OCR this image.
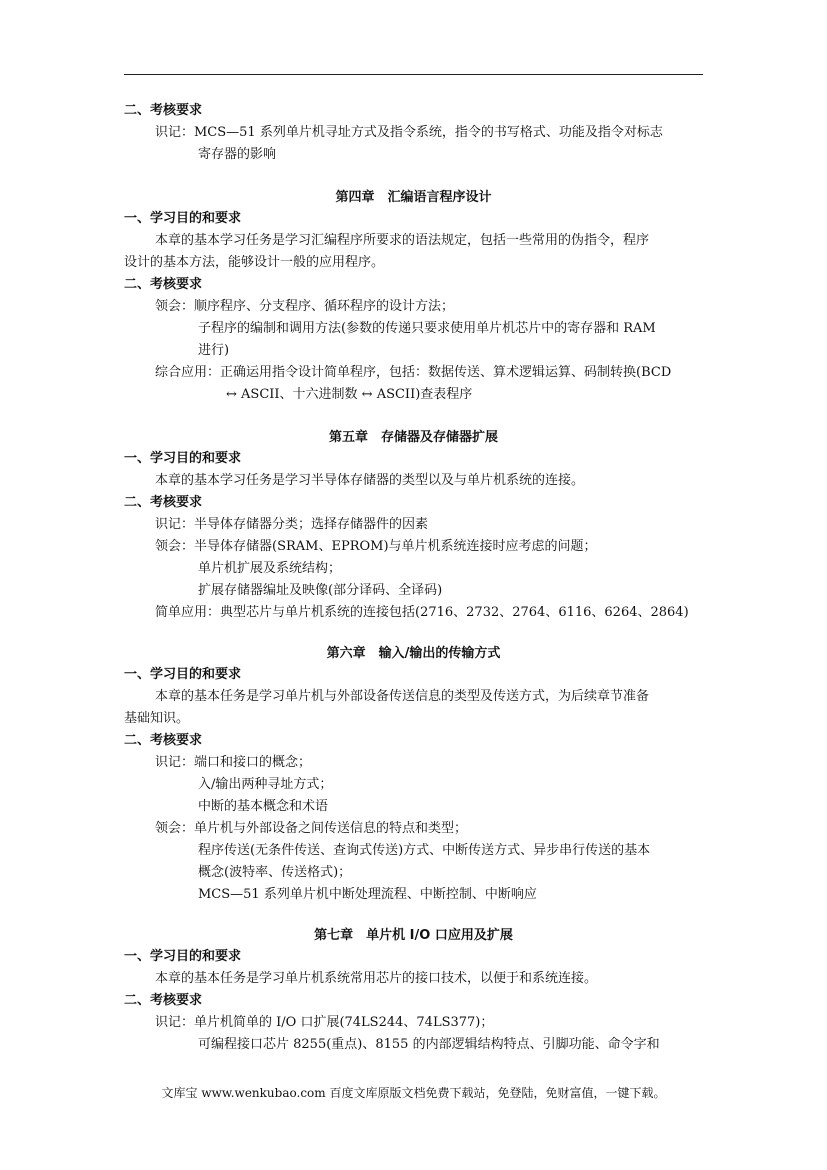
二、考核要求
识记：MCS—51 系列单片机寻址方式及指令系统，指令的书写格式、功能及指令对标志
寄存器的影响
第四章　汇编语言程序设计
一、学习目的和要求
本章的基本学习任务是学习汇编程序所要求的语法规定，包括一些常用的伪指令，程序
设计的基本方法，能够设计一般的应用程序。
二、考核要求
领会：顺序程序、分支程序、循环程序的设计方法；
子程序的编制和调用方法(参数的传递只要求使用单片机芯片中的寄存器和 RAM
进行)
综合应用：正确运用指令设计简单程序，包括：数据传送、算术逻辑运算、码制转换(BCD
↔ ASCII、十六进制数 ↔ ASCII)查表程序
第五章　存储器及存储器扩展
一、学习目的和要求
本章的基本学习任务是学习半导体存储器的类型以及与单片机系统的连接。
二、考核要求
识记：半导体存储器分类；选择存储器件的因素
领会：半导体存储器(SRAM、EPROM)与单片机系统连接时应考虑的问题；
单片机扩展及系统结构；
扩展存储器编址及映像(部分译码、全译码)
简单应用：典型芯片与单片机系统的连接包括(2716、2732、2764、6116、6264、2864)
第六章　输入/输出的传输方式
一、学习目的和要求
本章的基本任务是学习单片机与外部设备传送信息的类型及传送方式，为后续章节准备
基础知识。
二、考核要求
识记：端口和接口的概念；
入/输出两种寻址方式；
中断的基本概念和术语
领会：单片机与外部设备之间传送信息的特点和类型；
程序传送(无条件传送、查询式传送)方式、中断传送方式、异步串行传送的基本
概念(波特率、传送格式)；
MCS—51 系列单片机中断处理流程、中断控制、中断响应
第七章　单片机 I/O 口应用及扩展
一、学习目的和要求
本章的基本任务是学习单片机系统常用芯片的接口技术，以便于和系统连接。
二、考核要求
识记：单片机简单的 I/O 口扩展(74LS244、74LS377)；
可编程接口芯片 8255(重点)、8155 的内部逻辑结构特点、引脚功能、命令字和
文库宝 www.wenkubao.com 百度文库原版文档免费下载站，免登陆，免财富值，一键下载。
